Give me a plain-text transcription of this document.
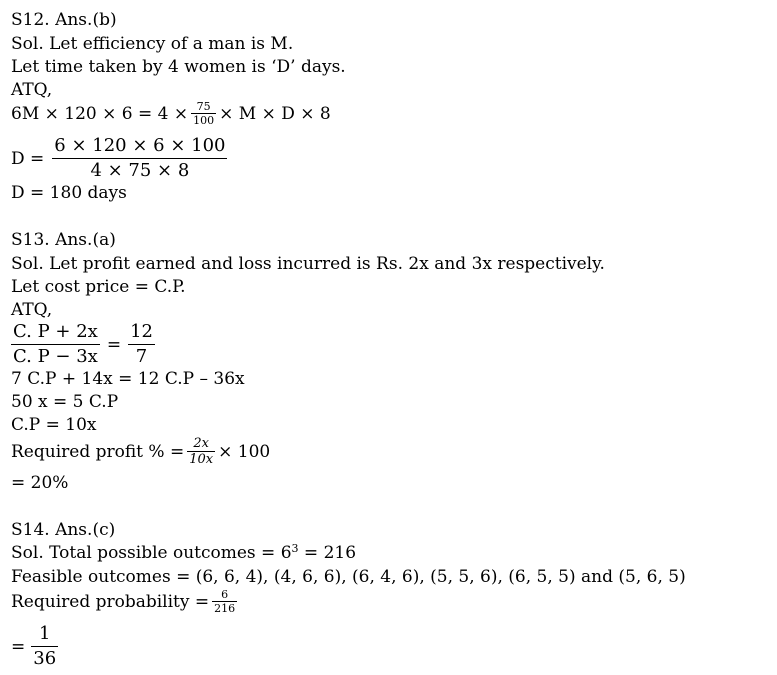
S12. Ans.(b)
Sol. Let efficiency of a man is M.
Let time taken by 4 women is ‘D’ days.
ATQ,
$6M \times 120 \times 6 = 4 \times \frac{75}{100} \times M \times D \times 8$
$D = \frac{6 \times 120 \times 6 \times 100}{4 \times 75 \times 8}$
D = 180 days
S13. Ans.(a)
Sol. Let profit earned and loss incurred is Rs. 2x and 3x respectively.
Let cost price = C.P.
ATQ,
$\frac{C. P + 2x}{C. P - 3x} = \frac{12}{7}$
7 C.P + 14x = 12 C.P – 36x
50 x = 5 C.P
C.P = 10x
Required profit % = $\frac{2x}{10x} \times 100$
= 20%
S14. Ans.(c)
Sol. Total possible outcomes = $6^3 = 216$
Feasible outcomes = (6, 6, 4), (4, 6, 6), (6, 4, 6), (5, 5, 6), (6, 5, 5) and (5, 6, 5)
Required probability = $\frac{6}{216}$
= $\frac{1}{36}$
